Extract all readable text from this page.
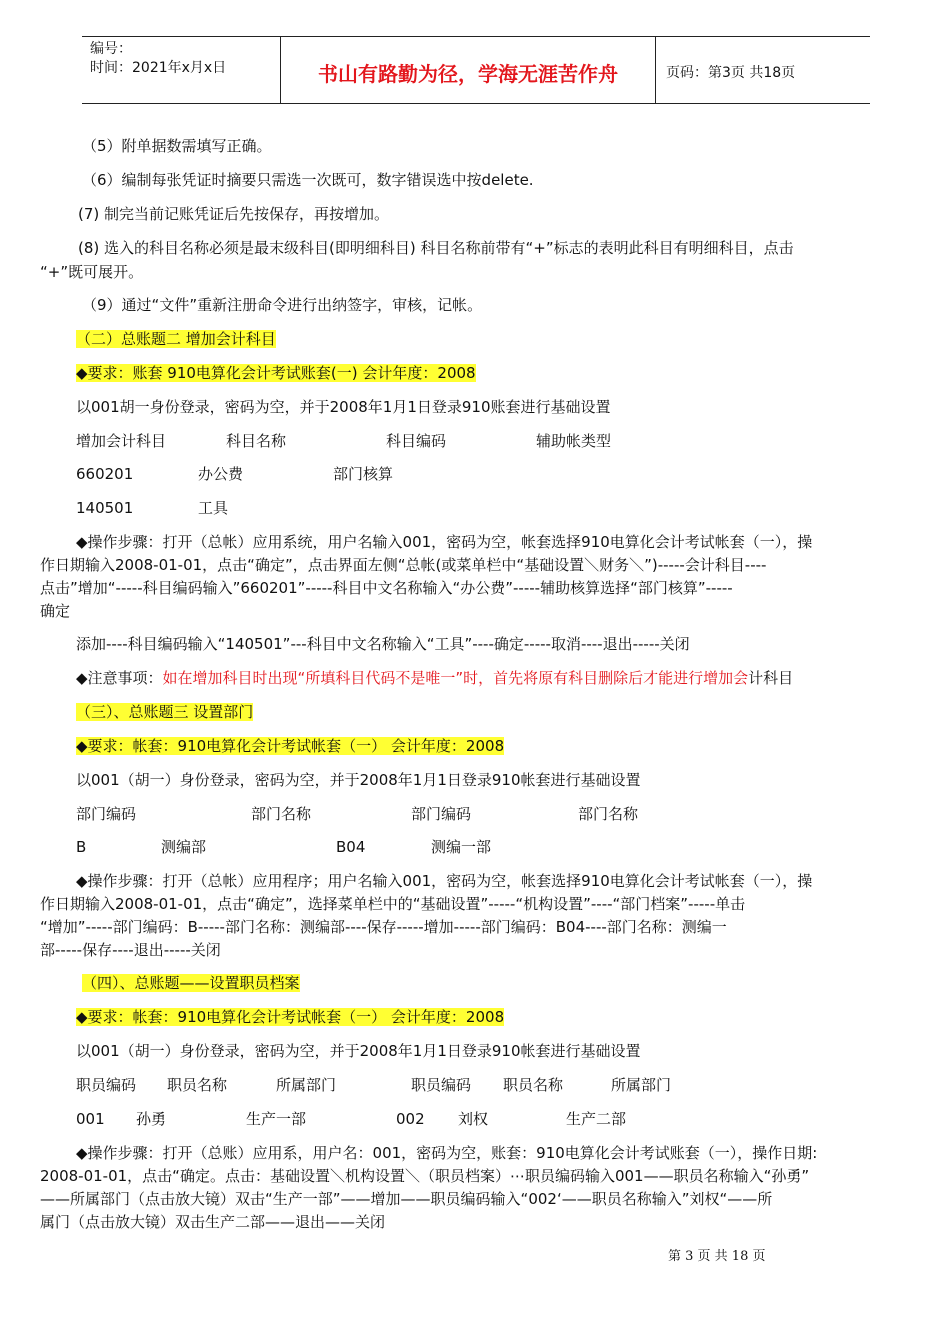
编号：
时间：2021年x月x日	书山有路勤为径，学海无涯苦作舟	页码：第3页 共18页
（5）附单据数需填写正确。
（6）编制每张凭证时摘要只需选一次既可，数字错误选中按delete.
(7) 制完当前记账凭证后先按保存，再按增加。
(8) 选入的科目名称必须是最末级科目(即明细科目) 科目名称前带有“+”标志的表明此科目有明细科目，点击
“+”既可展开。
（9）通过“文件”重新注册命令进行出纳签字，审核，记帐。
（二）总账题二 增加会计科目
◆要求：账套 910电算化会计考试账套(一) 会计年度：2008
以001胡一身份登录，密码为空，并于2008年1月1日登录910账套进行基础设置
增加会计科目	科目名称	科目编码	辅助帐类型
660201	办公费	部门核算
140501	工具
◆操作步骤：打开（总帐）应用系统，用户名输入001，密码为空，帐套选择910电算化会计考试帐套（一），操
作日期输入2008-01-01，点击“确定”，点击界面左侧“总帐(或菜单栏中“基础设置＼财务＼”)-----会计科目----
点击”增加“-----科目编码输入”660201”-----科目中文名称输入“办公费”-----辅助核算选择“部门核算”-----
确定
添加----科目编码输入“140501”---科目中文名称输入“工具”----确定-----取消----退出-----关闭
◆注意事项：如在增加科目时出现“所填科目代码不是唯一”时，首先将原有科目删除后才能进行增加会计科目
（三）、总账题三 设置部门
◆要求：帐套：910电算化会计考试帐套（一） 会计年度：2008
以001（胡一）身份登录，密码为空，并于2008年1月1日登录910帐套进行基础设置
部门编码	部门名称	部门编码	部门名称
B	测编部	B04	测编一部
◆操作步骤：打开（总帐）应用程序；用户名输入001，密码为空，帐套选择910电算化会计考试帐套（一），操
作日期输入2008-01-01，点击“确定”，选择菜单栏中的“基础设置”-----“机构设置”----“部门档案”-----单击
“增加”-----部门编码：B-----部门名称：测编部----保存-----增加-----部门编码：B04----部门名称：测编一
部-----保存----退出-----关闭
（四）、总账题——设置职员档案
◆要求：帐套：910电算化会计考试帐套（一） 会计年度：2008
以001（胡一）身份登录，密码为空，并于2008年1月1日登录910帐套进行基础设置
职员编码 职员名称	所属部门	职员编码 职员名称	所属部门
001 孙勇	生产一部	002 刘权	生产二部
◆操作步骤：打开（总账）应用系，用户名：001，密码为空，账套：910电算化会计考试账套（一），操作日期:
2008-01-01，点击“确定。点击：基础设置＼机构设置＼（职员档案）⋯职员编码输入001——职员名称输入“孙勇”
——所属部门（点击放大镜）双击“生产一部”——增加——职员编码输入“002‘——职员名称输入”刘权“——所
属门（点击放大镜）双击生产二部——退出——关闭
第 3 页 共 18 页
